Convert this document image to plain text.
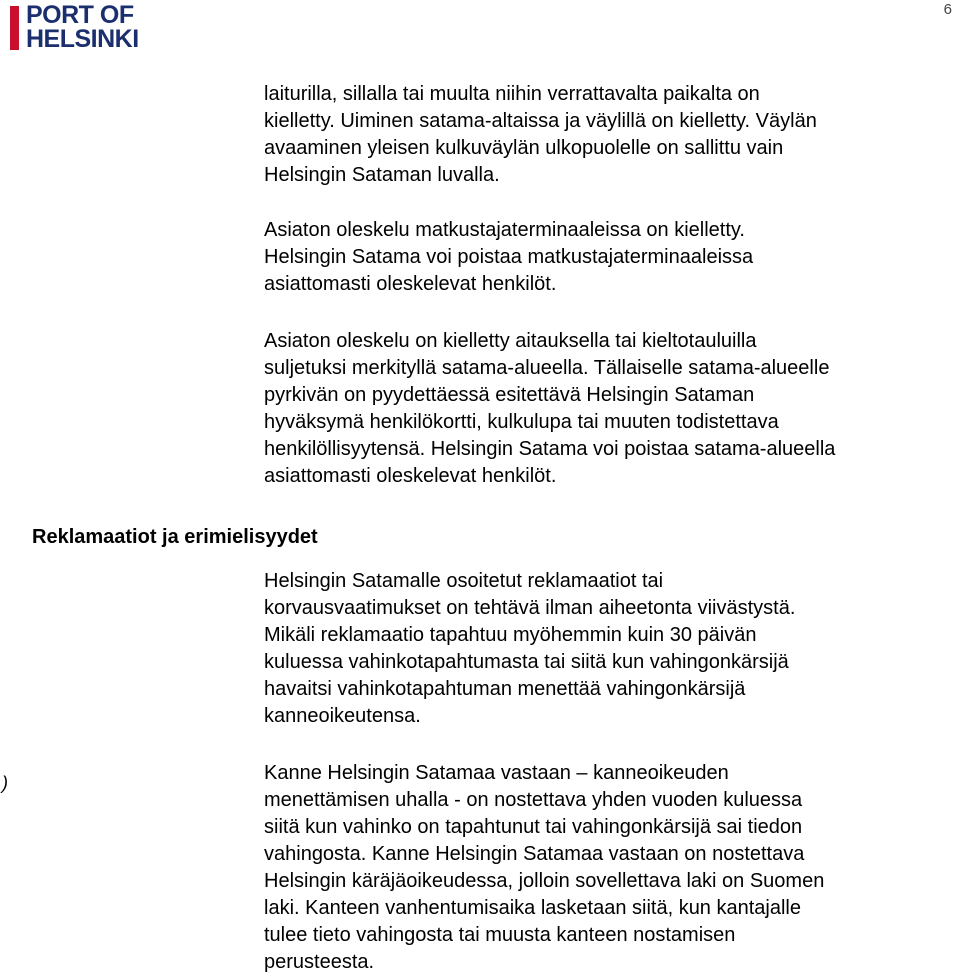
PORT OF
HELSINKI
6
Reklamaatiot ja erimielisyydet
)

laiturilla, sillalla tai muulta niihin verrattavalta paikalta on
kielletty. Uiminen satama-altaissa ja väylillä on kielletty. Väylän
avaaminen yleisen kulkuväylän ulkopuolelle on sallittu vain
Helsingin Sataman luvalla.

Asiaton oleskelu matkustajaterminaaleissa on kielletty.
Helsingin Satama voi poistaa matkustajaterminaaleissa
asiattomasti oleskelevat henkilöt.

Asiaton oleskelu on kielletty aitauksella tai kieltotauluilla
suljetuksi merkityllä satama-alueella. Tällaiselle satama-alueelle
pyrkivän on pyydettäessä esitettävä Helsingin Sataman
hyväksymä henkilökortti, kulkulupa tai muuten todistettava
henkilöllisyytensä. Helsingin Satama voi poistaa satama-alueella
asiattomasti oleskelevat henkilöt.

Helsingin Satamalle osoitetut reklamaatiot tai
korvausvaatimukset on tehtävä ilman aiheetonta viivästystä.
Mikäli reklamaatio tapahtuu myöhemmin kuin 30 päivän
kuluessa vahinkotapahtumasta tai siitä kun vahingonkärsijä
havaitsi vahinkotapahtuman menettää vahingonkärsijä
kanneoikeutensa.

Kanne Helsingin Satamaa vastaan – kanneoikeuden
menettämisen uhalla - on nostettava yhden vuoden kuluessa
siitä kun vahinko on tapahtunut tai vahingonkärsijä sai tiedon
vahingosta. Kanne Helsingin Satamaa vastaan on nostettava
Helsingin käräjäoikeudessa, jolloin sovellettava laki on Suomen
laki. Kanteen vanhentumisaika lasketaan siitä, kun kantajalle
tulee tieto vahingosta tai muusta kanteen nostamisen
perusteesta.
